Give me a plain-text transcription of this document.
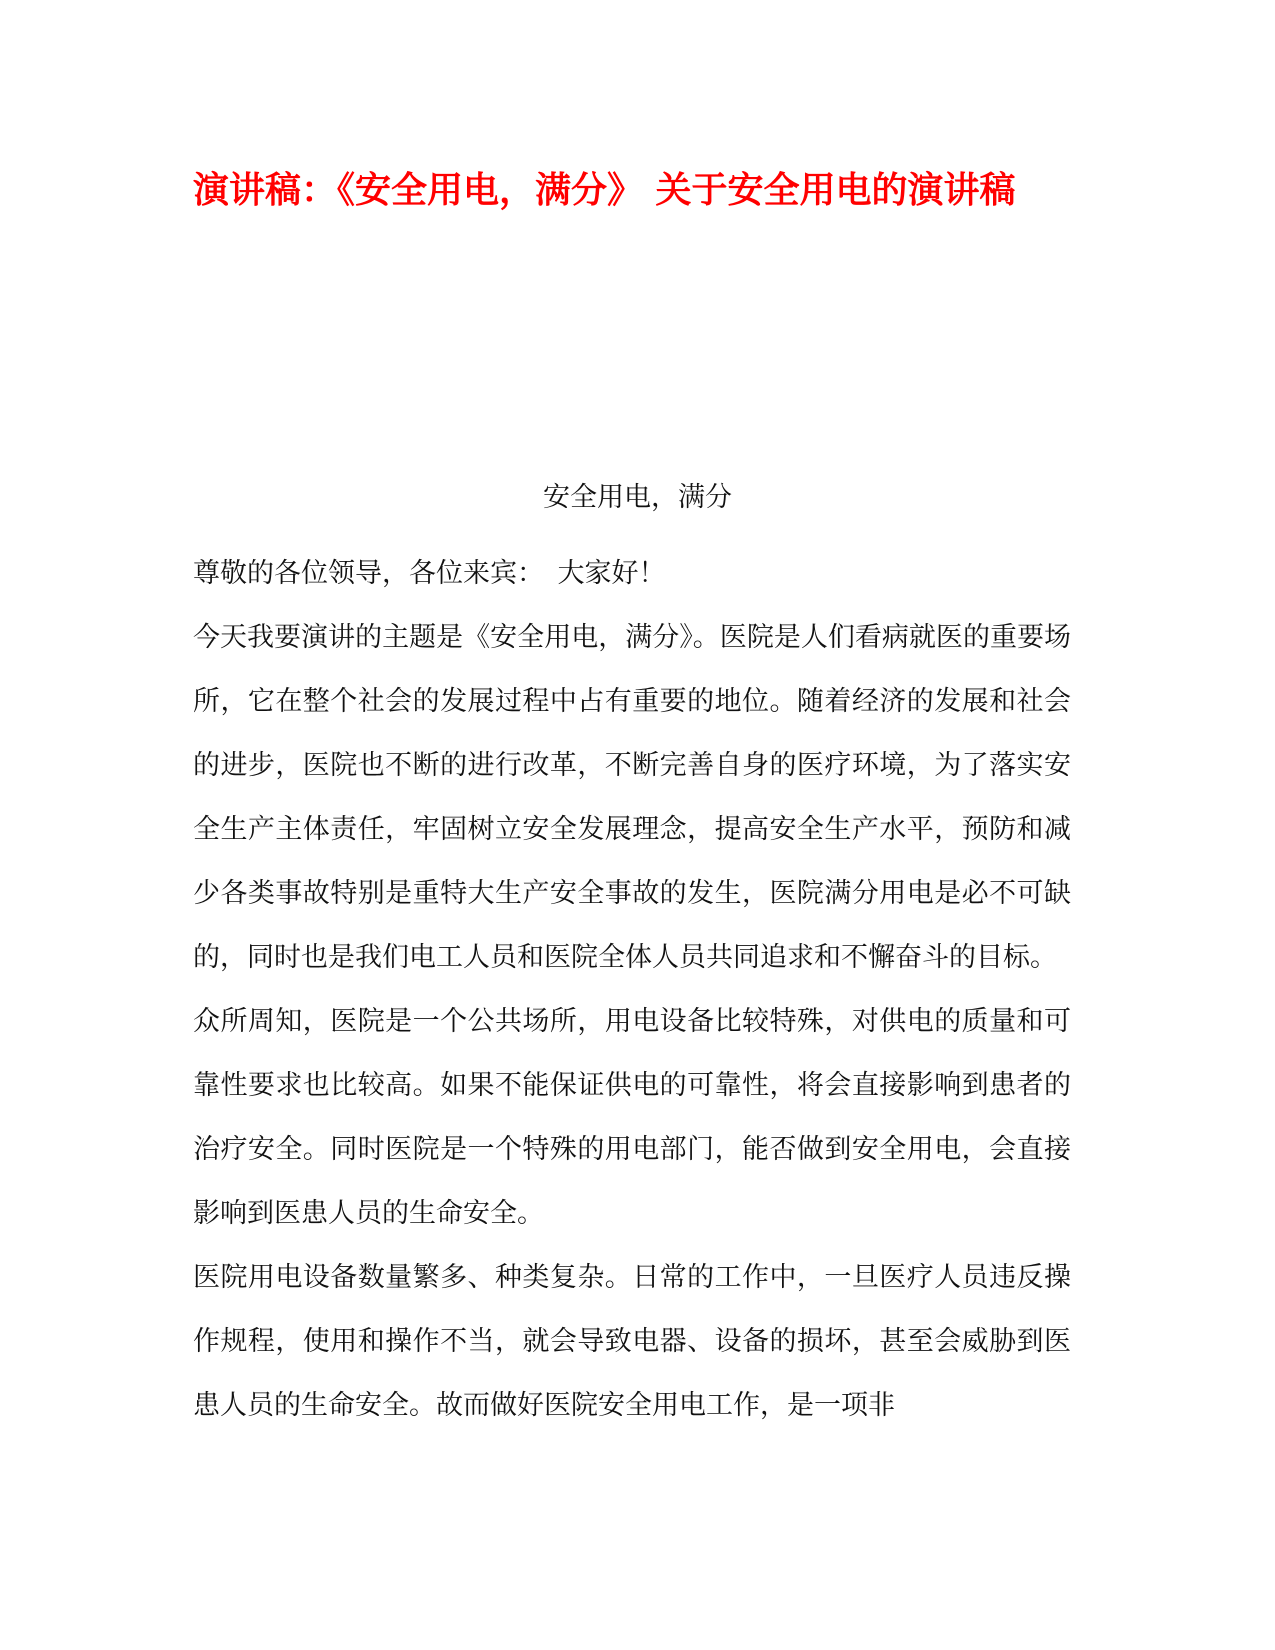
演讲稿：《安全用电，满分》 关于安全用电的演讲稿
安全用电，满分

尊敬的各位领导，各位来宾：　大家好！

今天我要演讲的主题是《安全用电，满分》。医院是人们看病就医的重要场所，它在整个社会的发展过程中占有重要的地位。随着经济的发展和社会的进步，医院也不断的进行改革，不断完善自身的医疗环境，为了落实安全生产主体责任，牢固树立安全发展理念，提高安全生产水平，预防和减少各类事故特别是重特大生产安全事故的发生，医院满分用电是必不可缺的，同时也是我们电工人员和医院全体人员共同追求和不懈奋斗的目标。

众所周知，医院是一个公共场所，用电设备比较特殊，对供电的质量和可靠性要求也比较高。如果不能保证供电的可靠性，将会直接影响到患者的治疗安全。同时医院是一个特殊的用电部门，能否做到安全用电，会直接影响到医患人员的生命安全。

医院用电设备数量繁多、种类复杂。日常的工作中，一旦医疗人员违反操作规程，使用和操作不当，就会导致电器、设备的损坏，甚至会威胁到医患人员的生命安全。故而做好医院安全用电工作，是一项非
